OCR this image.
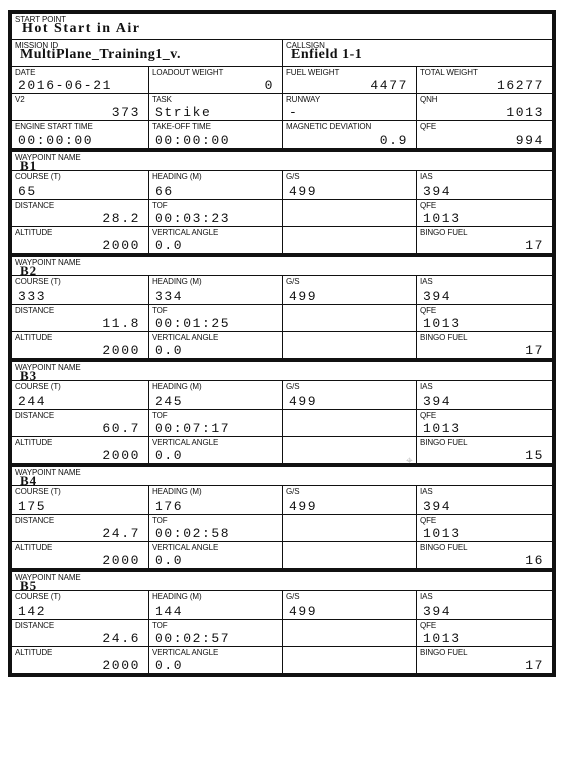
START POINT
Hot Start in Air
MISSION ID
MultiPlane_Training1_v.
CALLSIGN
Enfield 1-1
DATE
2016-06-21
LOADOUT WEIGHT
0
FUEL WEIGHT
4477
TOTAL WEIGHT
16277
V2
373
TASK
Strike
RUNWAY
-
QNH
1013
ENGINE START TIME
00:00:00
TAKE-OFF TIME
00:00:00
MAGNETIC DEVIATION
0.9
QFE
994
WAYPOINT NAME
B1
COURSE (T)
65
HEADING (M)
66
G/S
499
IAS
394
DISTANCE
28.2
TOF
00:03:23
QFE
1013
ALTITUDE
2000
VERTICAL ANGLE
0.0
BINGO FUEL
17
WAYPOINT NAME
B2
COURSE (T)
333
HEADING (M)
334
G/S
499
IAS
394
DISTANCE
11.8
TOF
00:01:25
QFE
1013
ALTITUDE
2000
VERTICAL ANGLE
0.0
BINGO FUEL
17
WAYPOINT NAME
B3
COURSE (T)
244
HEADING (M)
245
G/S
499
IAS
394
DISTANCE
60.7
TOF
00:07:17
QFE
1013
ALTITUDE
2000
VERTICAL ANGLE
0.0
BINGO FUEL
15
WAYPOINT NAME
B4
COURSE (T)
175
HEADING (M)
176
G/S
499
IAS
394
DISTANCE
24.7
TOF
00:02:58
QFE
1013
ALTITUDE
2000
VERTICAL ANGLE
0.0
BINGO FUEL
16
WAYPOINT NAME
B5
COURSE (T)
142
HEADING (M)
144
G/S
499
IAS
394
DISTANCE
24.6
TOF
00:02:57
QFE
1013
ALTITUDE
2000
VERTICAL ANGLE
0.0
BINGO FUEL
17
⌖
